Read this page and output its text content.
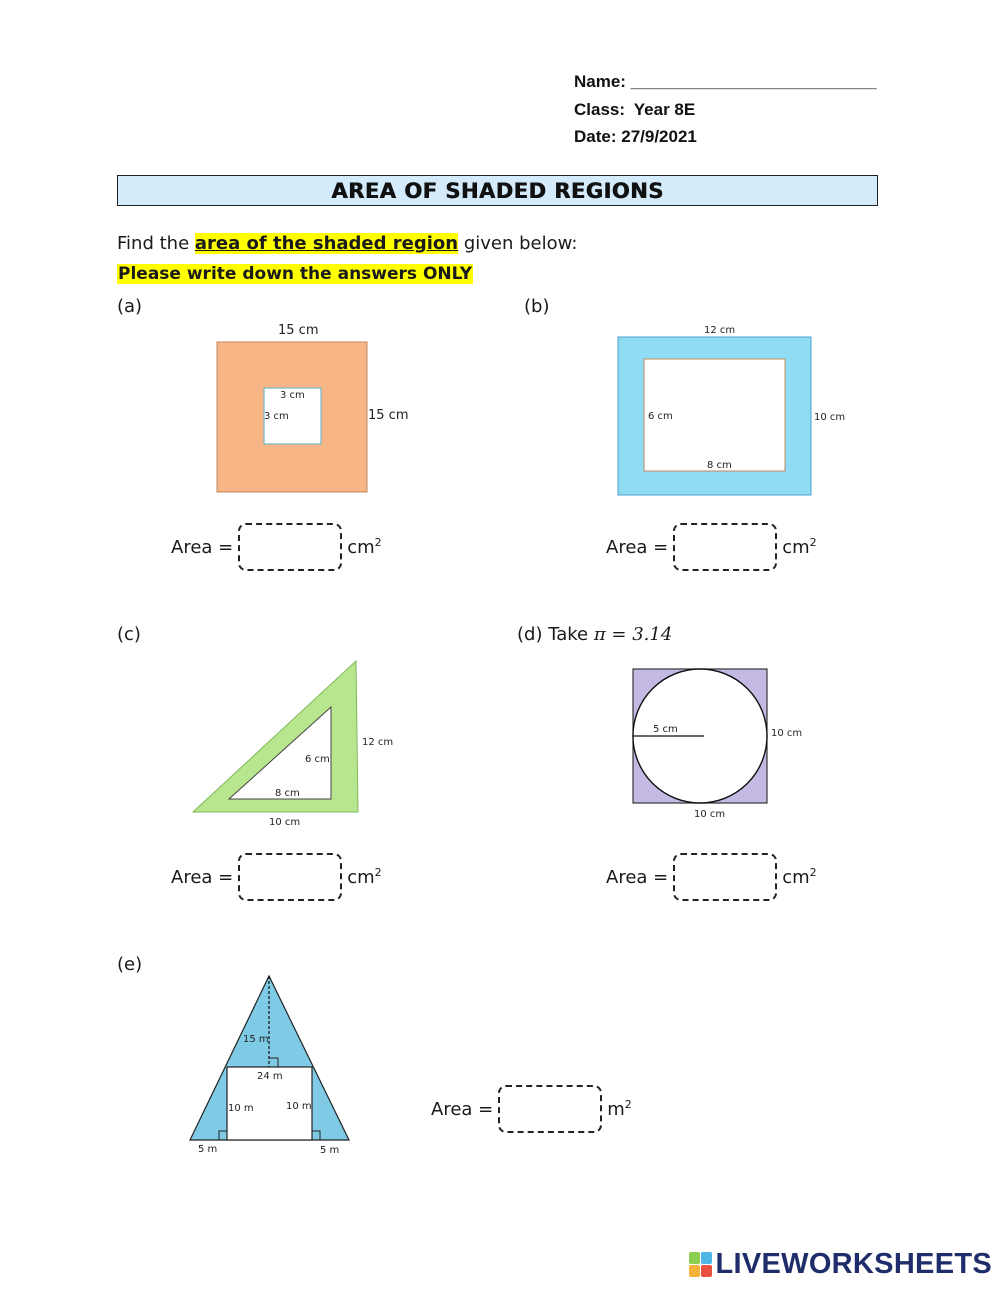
Name: __________________________
Class: Year 8E
Date: 27/9/2021
AREA OF SHADED REGIONS
Find the area of the shaded region given below:
Please write down the answers ONLY
(a)
15 cm
15 cm
3 cm
3 cm
Area =	$cm^2$
(b)
12 cm
10 cm
6 cm
8 cm
Area =	$cm^2$
(c)
12 cm
10 cm
6 cm
8 cm
Area =	$cm^2$
(d) Take π = 3.14
5 cm	10 cm
10 cm
Area =	$cm^2$
(e)
15 m
24 m
10 m	10 m
5 m	5 m
Area =	$m^2$
LIVEWORKSHEETS
